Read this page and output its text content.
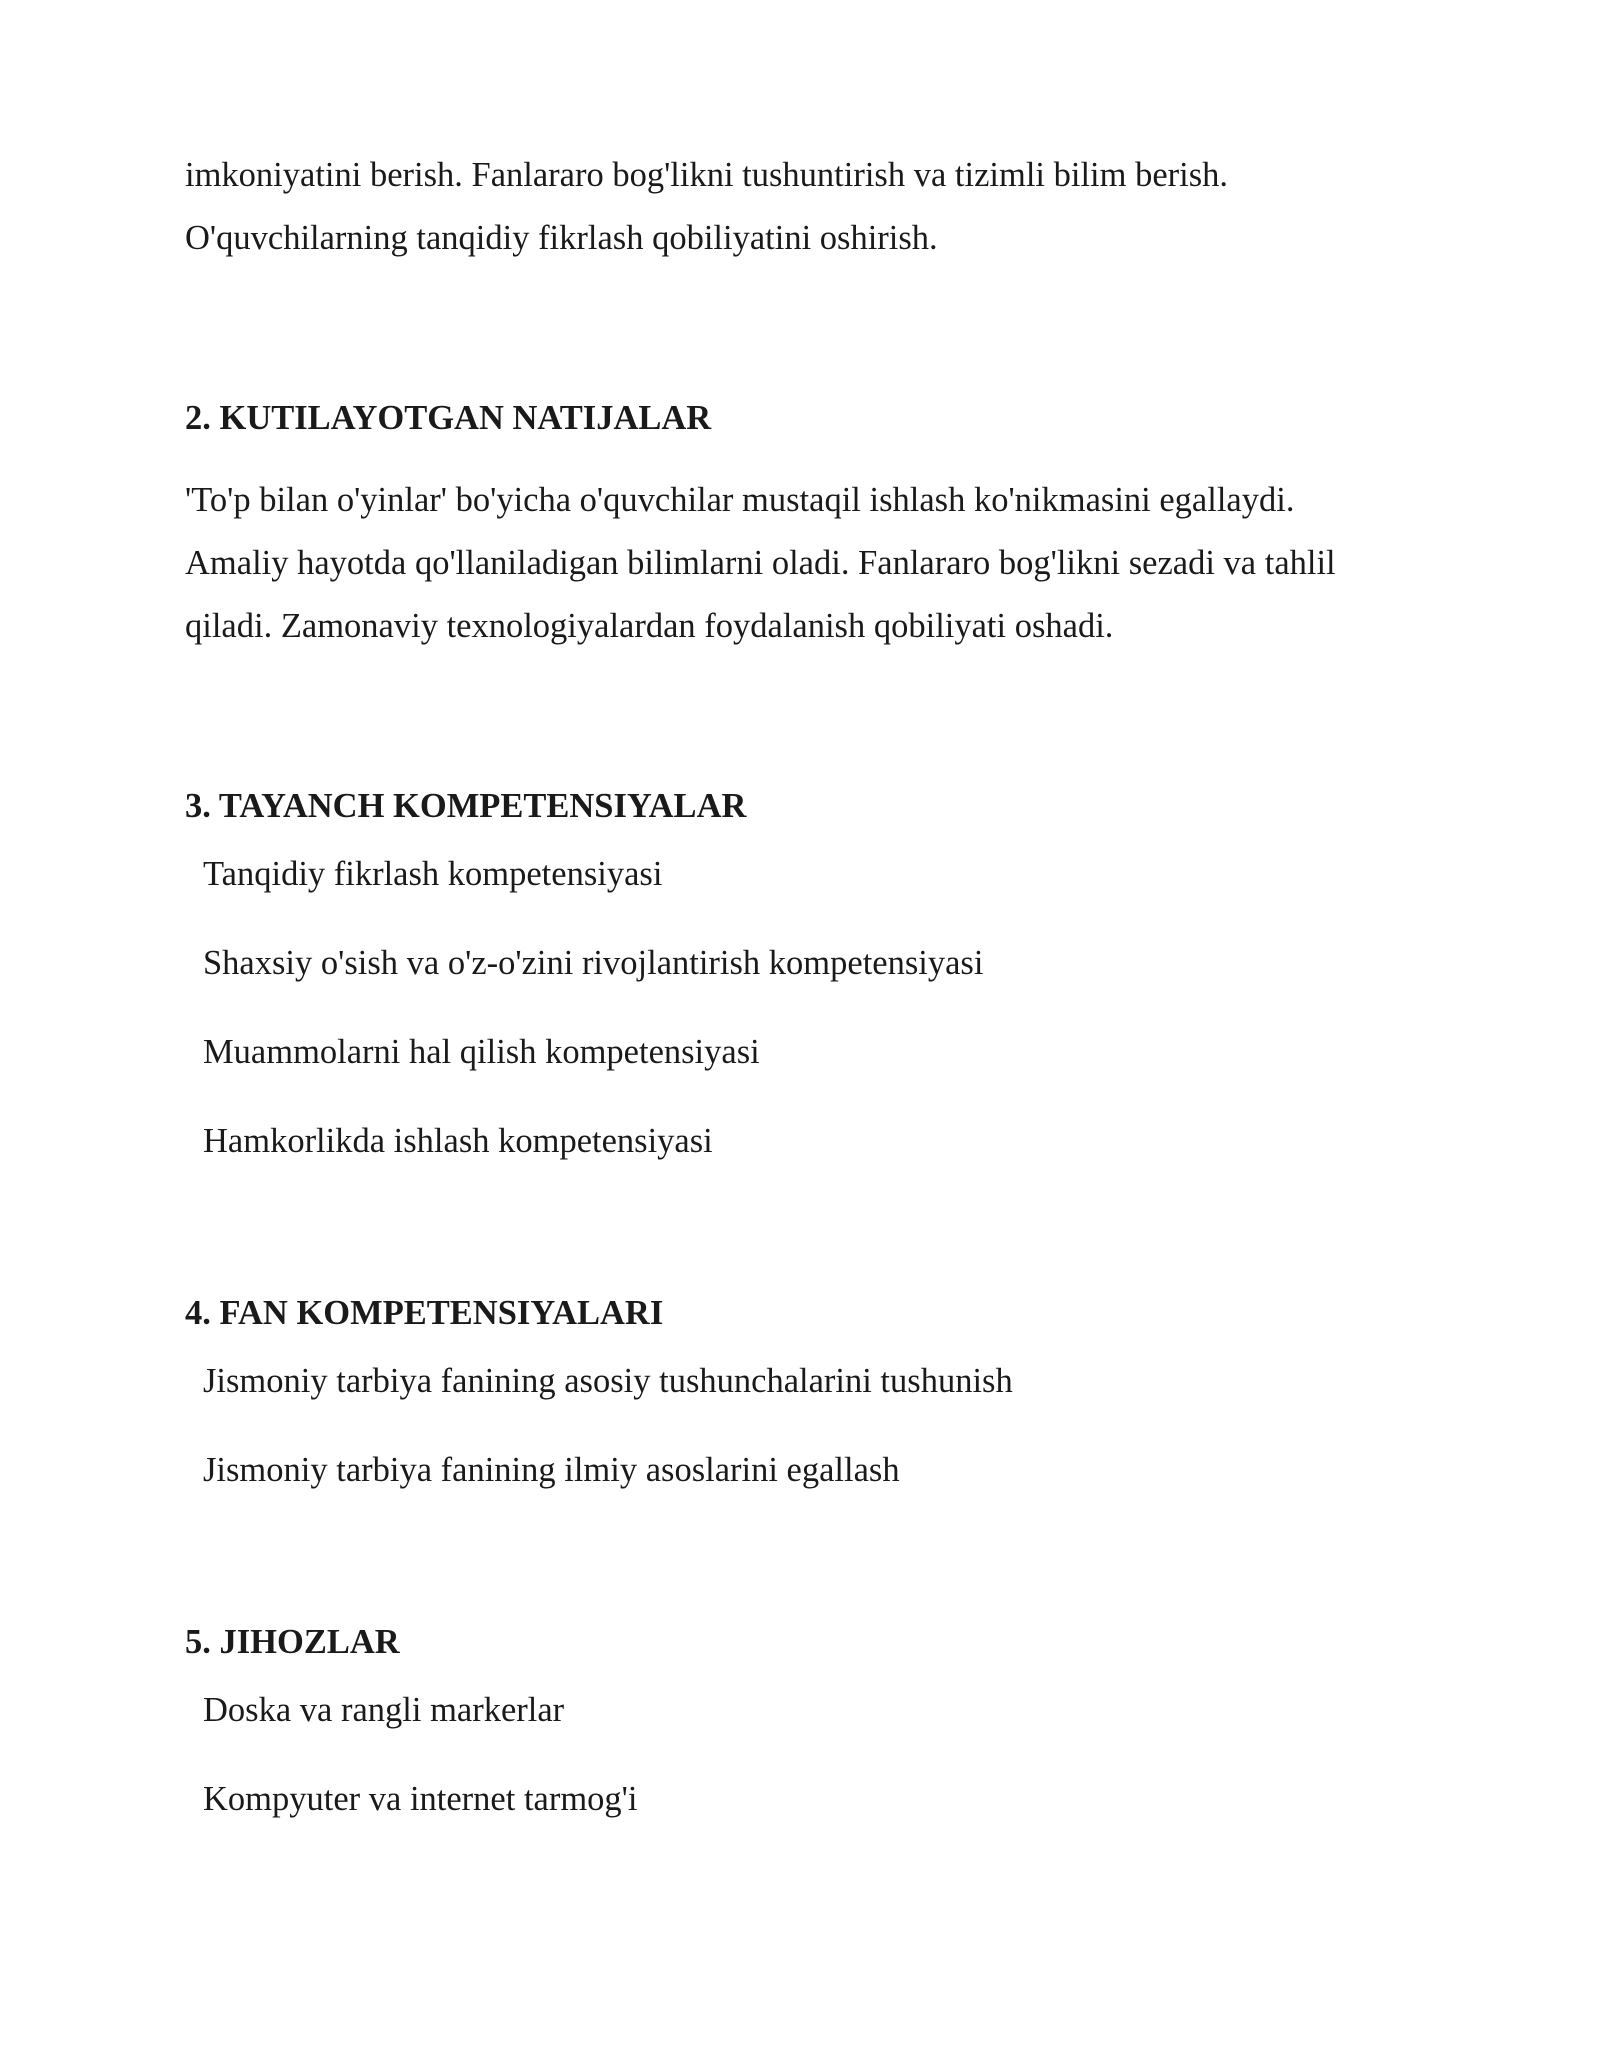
imkoniyatini berish. Fanlararo bog'likni tushuntirish va tizimli bilim berish.

O'quvchilarning tanqidiy fikrlash qobiliyatini oshirish.

2. KUTILAYOTGAN NATIJALAR

'To'p bilan o'yinlar' bo'yicha o'quvchilar mustaqil ishlash ko'nikmasini egallaydi.

Amaliy hayotda qo'llaniladigan bilimlarni oladi. Fanlararo bog'likni sezadi va tahlil

qiladi. Zamonaviy texnologiyalardan foydalanish qobiliyati oshadi.

3. TAYANCH KOMPETENSIYALAR

Tanqidiy fikrlash kompetensiyasi

Shaxsiy o'sish va o'z-o'zini rivojlantirish kompetensiyasi

Muammolarni hal qilish kompetensiyasi

Hamkorlikda ishlash kompetensiyasi

4. FAN KOMPETENSIYALARI

Jismoniy tarbiya fanining asosiy tushunchalarini tushunish

Jismoniy tarbiya fanining ilmiy asoslarini egallash

5. JIHOZLAR

Doska va rangli markerlar

Kompyuter va internet tarmog'i
